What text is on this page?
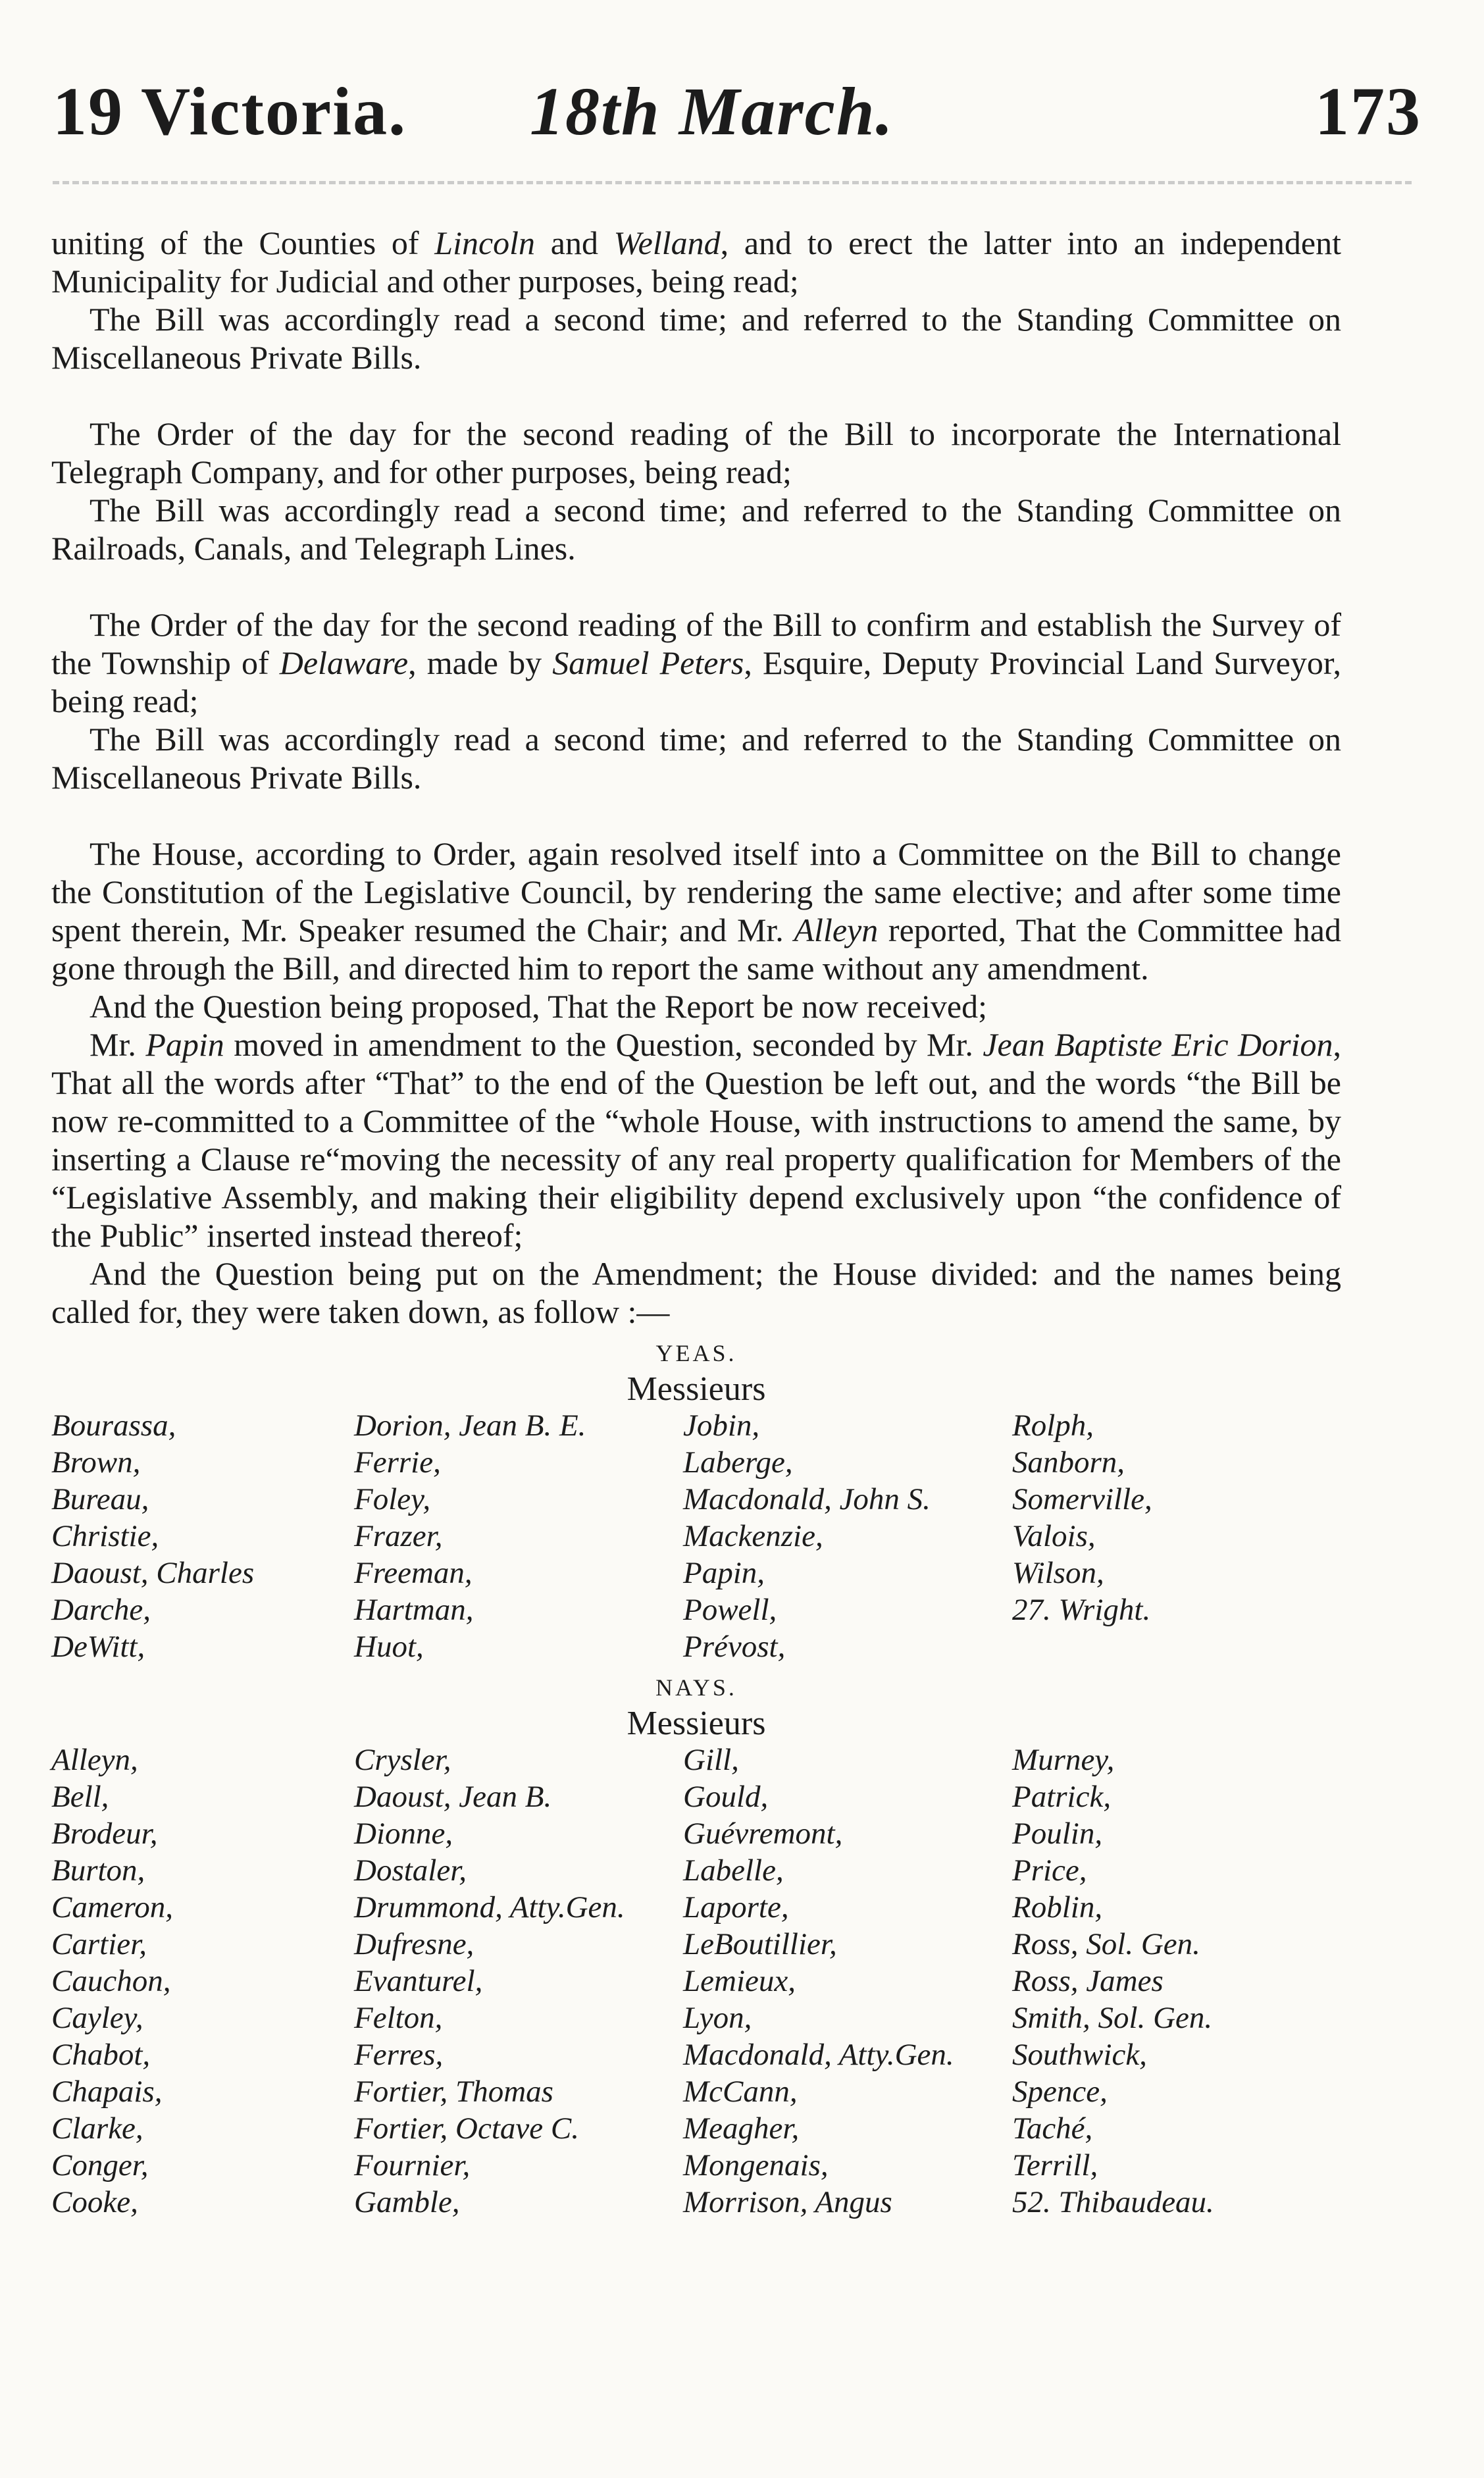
19 Victoria. 18th March.	173

uniting of the Counties of Lincoln and Welland, and to erect the latter into an independent Municipality for Judicial and other purposes, being read;

The Bill was accordingly read a second time; and referred to the Standing Committee on Miscellaneous Private Bills.

The Order of the day for the second reading of the Bill to incorporate the International Telegraph Company, and for other purposes, being read;

The Bill was accordingly read a second time; and referred to the Standing Committee on Railroads, Canals, and Telegraph Lines.

The Order of the day for the second reading of the Bill to confirm and establish the Survey of the Township of Delaware, made by Samuel Peters, Esquire, Deputy Provincial Land Surveyor, being read;

The Bill was accordingly read a second time; and referred to the Standing Committee on Miscellaneous Private Bills.

The House, according to Order, again resolved itself into a Committee on the Bill to change the Constitution of the Legislative Council, by rendering the same elective; and after some time spent therein, Mr. Speaker resumed the Chair; and Mr. Alleyn reported, That the Committee had gone through the Bill, and directed him to report the same without any amendment.

And the Question being proposed, That the Report be now received;

Mr. Papin moved in amendment to the Question, seconded by Mr. Jean Baptiste Eric Dorion, That all the words after “That” to the end of the Question be left out, and the words “the Bill be now re-committed to a Committee of the “whole House, with instructions to amend the same, by inserting a Clause re“moving the necessity of any real property qualification for Members of the “Legislative Assembly, and making their eligibility depend exclusively upon “the confidence of the Public” inserted instead thereof;

And the Question being put on the Amendment; the House divided: and the names being called for, they were taken down, as follow :—

YEAS.
Messieurs
Bourassa,	Dorion, Jean B. E.	Jobin,	Rolph,
Brown,	Ferrie,	Laberge,	Sanborn,
Bureau,	Foley,	Macdonald, John S.	Somerville,
Christie,	Frazer,	Mackenzie,	Valois,
Daoust, Charles	Freeman,	Papin,	Wilson,
Darche,	Hartman,	Powell,	27. Wright.
DeWitt,	Huot,	Prévost,
NAYS.
Messieurs
Alleyn,	Crysler,	Gill,	Murney,
Bell,	Daoust, Jean B.	Gould,	Patrick,
Brodeur,	Dionne,	Guévremont,	Poulin,
Burton,	Dostaler,	Labelle,	Price,
Cameron,	Drummond, Atty.Gen.	Laporte,	Roblin,
Cartier,	Dufresne,	LeBoutillier,	Ross, Sol. Gen.
Cauchon,	Evanturel,	Lemieux,	Ross, James
Cayley,	Felton,	Lyon,	Smith, Sol. Gen.
Chabot,	Ferres,	Macdonald, Atty.Gen.	Southwick,
Chapais,	Fortier, Thomas	McCann,	Spence,
Clarke,	Fortier, Octave C.	Meagher,	Taché,
Conger,	Fournier,	Mongenais,	Terrill,
Cooke,	Gamble,	Morrison, Angus	52. Thibaudeau.
